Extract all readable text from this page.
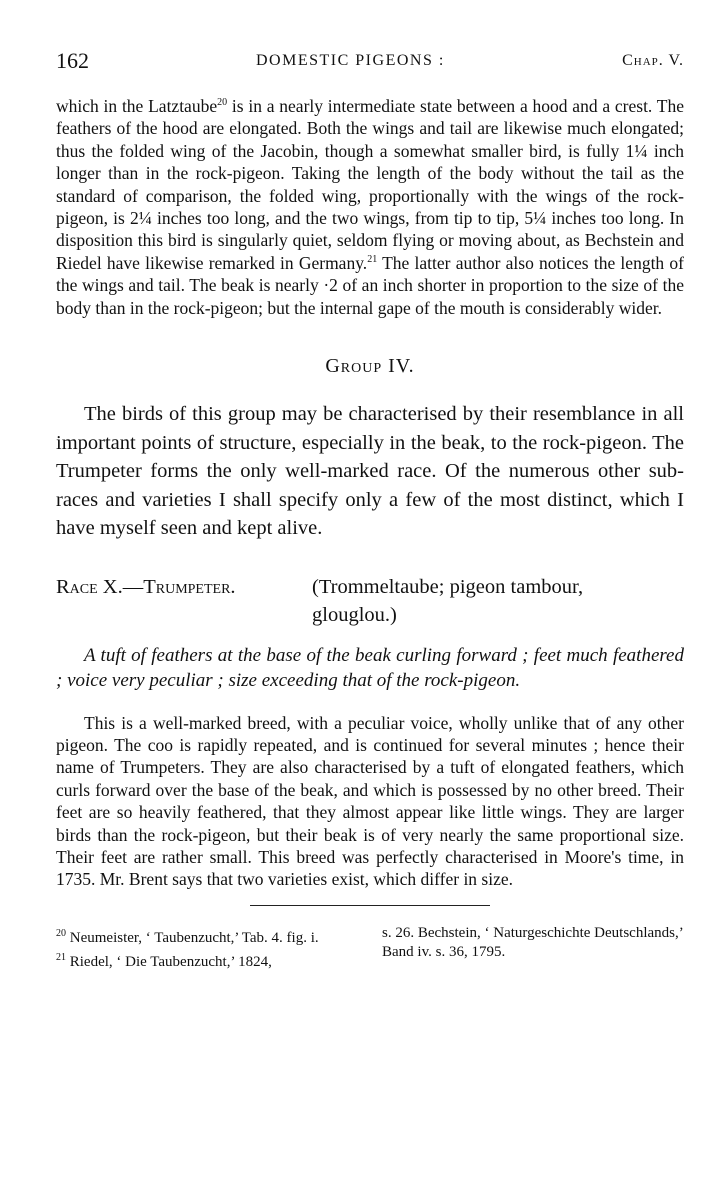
162	DOMESTIC PIGEONS :	Chap. V.

which in the Latztaube$^{20}$ is in a nearly intermediate state between a hood and a crest. The feathers of the hood are elongated. Both the wings and tail are likewise much elongated; thus the folded wing of the Jacobin, though a somewhat smaller bird, is fully 1¼ inch longer than in the rock-pigeon. Taking the length of the body without the tail as the standard of comparison, the folded wing, proportionally with the wings of the rock-pigeon, is 2¼ inches too long, and the two wings, from tip to tip, 5¼ inches too long. In disposition this bird is singularly quiet, seldom flying or moving about, as Bechstein and Riedel have likewise remarked in Germany.$^{21}$ The latter author also notices the length of the wings and tail. The beak is nearly ·2 of an inch shorter in proportion to the size of the body than in the rock-pigeon; but the internal gape of the mouth is considerably wider.

Group IV.

The birds of this group may be characterised by their resemblance in all important points of structure, especially in the beak, to the rock-pigeon. The Trumpeter forms the only well-marked race. Of the numerous other sub-races and varieties I shall specify only a few of the most distinct, which I have myself seen and kept alive.

Race X.—Trumpeter.	(Trommeltaube; pigeon tambour,
glouglou.)

A tuft of feathers at the base of the beak curling forward ; feet much feathered ; voice very peculiar ; size exceeding that of the rock-pigeon.

This is a well-marked breed, with a peculiar voice, wholly unlike that of any other pigeon. The coo is rapidly repeated, and is continued for several minutes ; hence their name of Trumpeters. They are also characterised by a tuft of elongated feathers, which curls forward over the base of the beak, and which is possessed by no other breed. Their feet are so heavily feathered, that they almost appear like little wings. They are larger birds than the rock-pigeon, but their beak is of very nearly the same proportional size. Their feet are rather small. This breed was perfectly characterised in Moore's time, in 1735. Mr. Brent says that two varieties exist, which differ in size.

$^{20}$ Neumeister, ‘ Taubenzucht,’ Tab. 4. fig. i.

$^{21}$ Riedel, ‘ Die Taubenzucht,’ 1824,

s. 26. Bechstein, ‘ Naturgeschichte Deutschlands,’ Band iv. s. 36, 1795.
